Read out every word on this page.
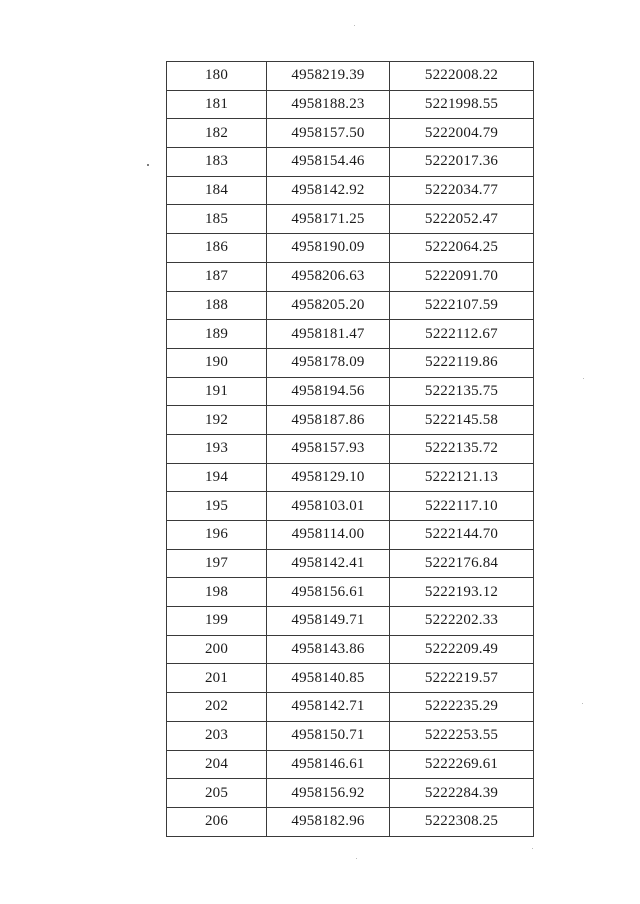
180	4958219.39	5222008.22
181	4958188.23	5221998.55
182	4958157.50	5222004.79
183	4958154.46	5222017.36
184	4958142.92	5222034.77
185	4958171.25	5222052.47
186	4958190.09	5222064.25
187	4958206.63	5222091.70
188	4958205.20	5222107.59
189	4958181.47	5222112.67
190	4958178.09	5222119.86
191	4958194.56	5222135.75
192	4958187.86	5222145.58
193	4958157.93	5222135.72
194	4958129.10	5222121.13
195	4958103.01	5222117.10
196	4958114.00	5222144.70
197	4958142.41	5222176.84
198	4958156.61	5222193.12
199	4958149.71	5222202.33
200	4958143.86	5222209.49
201	4958140.85	5222219.57
202	4958142.71	5222235.29
203	4958150.71	5222253.55
204	4958146.61	5222269.61
205	4958156.92	5222284.39
206	4958182.96	5222308.25
